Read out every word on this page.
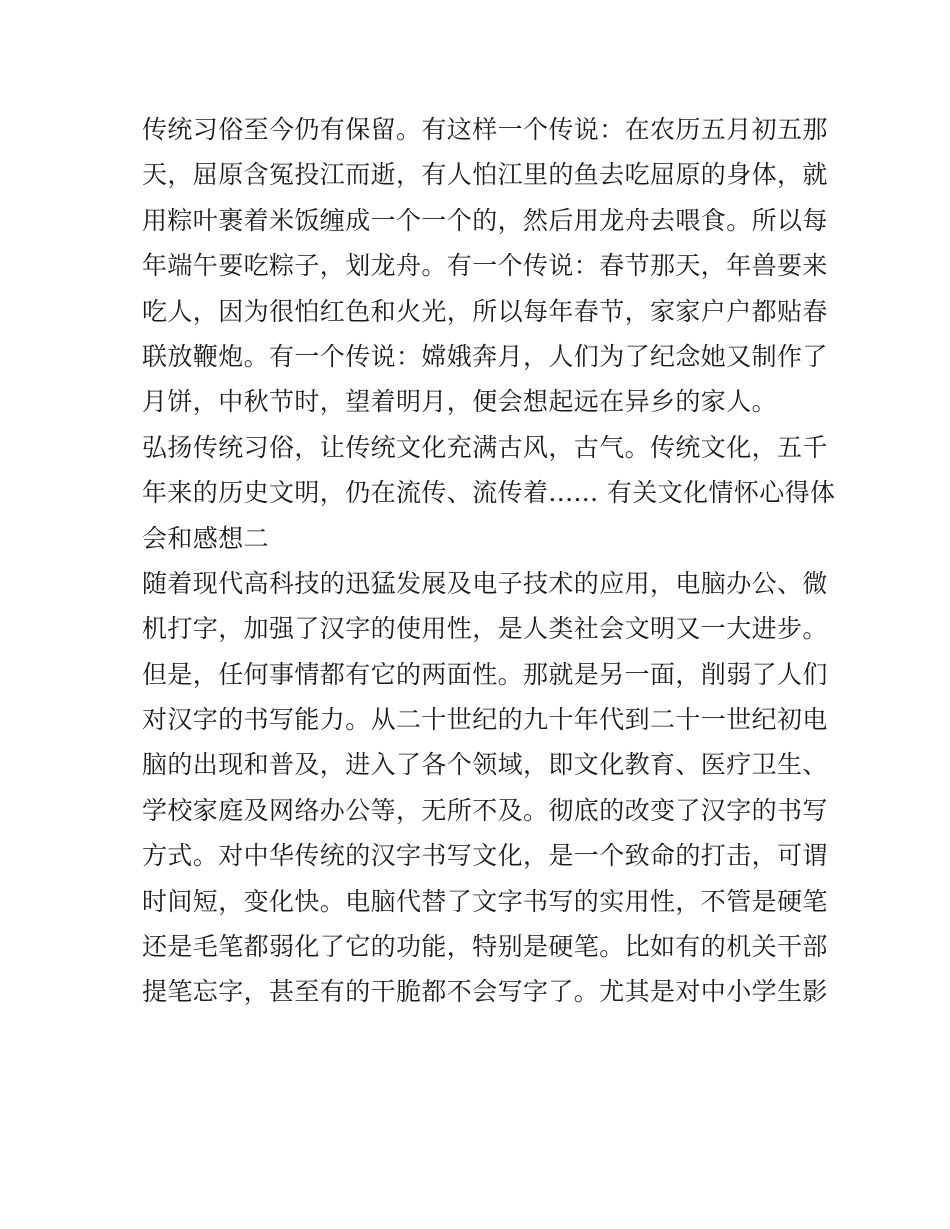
传统习俗至今仍有保留。有这样一个传说：在农历五月初五那
天，屈原含冤投江而逝，有人怕江里的鱼去吃屈原的身体，就
用粽叶裹着米饭缠成一个一个的，然后用龙舟去喂食。所以每
年端午要吃粽子，划龙舟。有一个传说：春节那天，年兽要来
吃人，因为很怕红色和火光，所以每年春节，家家户户都贴春
联放鞭炮。有一个传说：嫦娥奔月，人们为了纪念她又制作了
月饼，中秋节时，望着明月，便会想起远在异乡的家人。
弘扬传统习俗，让传统文化充满古风，古气。传统文化，五千
年来的历史文明，仍在流传、流传着...... 有关文化情怀心得体
会和感想二
随着现代高科技的迅猛发展及电子技术的应用，电脑办公、微
机打字，加强了汉字的使用性，是人类社会文明又一大进步。
但是，任何事情都有它的两面性。那就是另一面，削弱了人们
对汉字的书写能力。从二十世纪的九十年代到二十一世纪初电
脑的出现和普及，进入了各个领域，即文化教育、医疗卫生、
学校家庭及网络办公等，无所不及。彻底的改变了汉字的书写
方式。对中华传统的汉字书写文化，是一个致命的打击，可谓
时间短，变化快。电脑代替了文字书写的实用性，不管是硬笔
还是毛笔都弱化了它的功能，特别是硬笔。比如有的机关干部
提笔忘字，甚至有的干脆都不会写字了。尤其是对中小学生影
